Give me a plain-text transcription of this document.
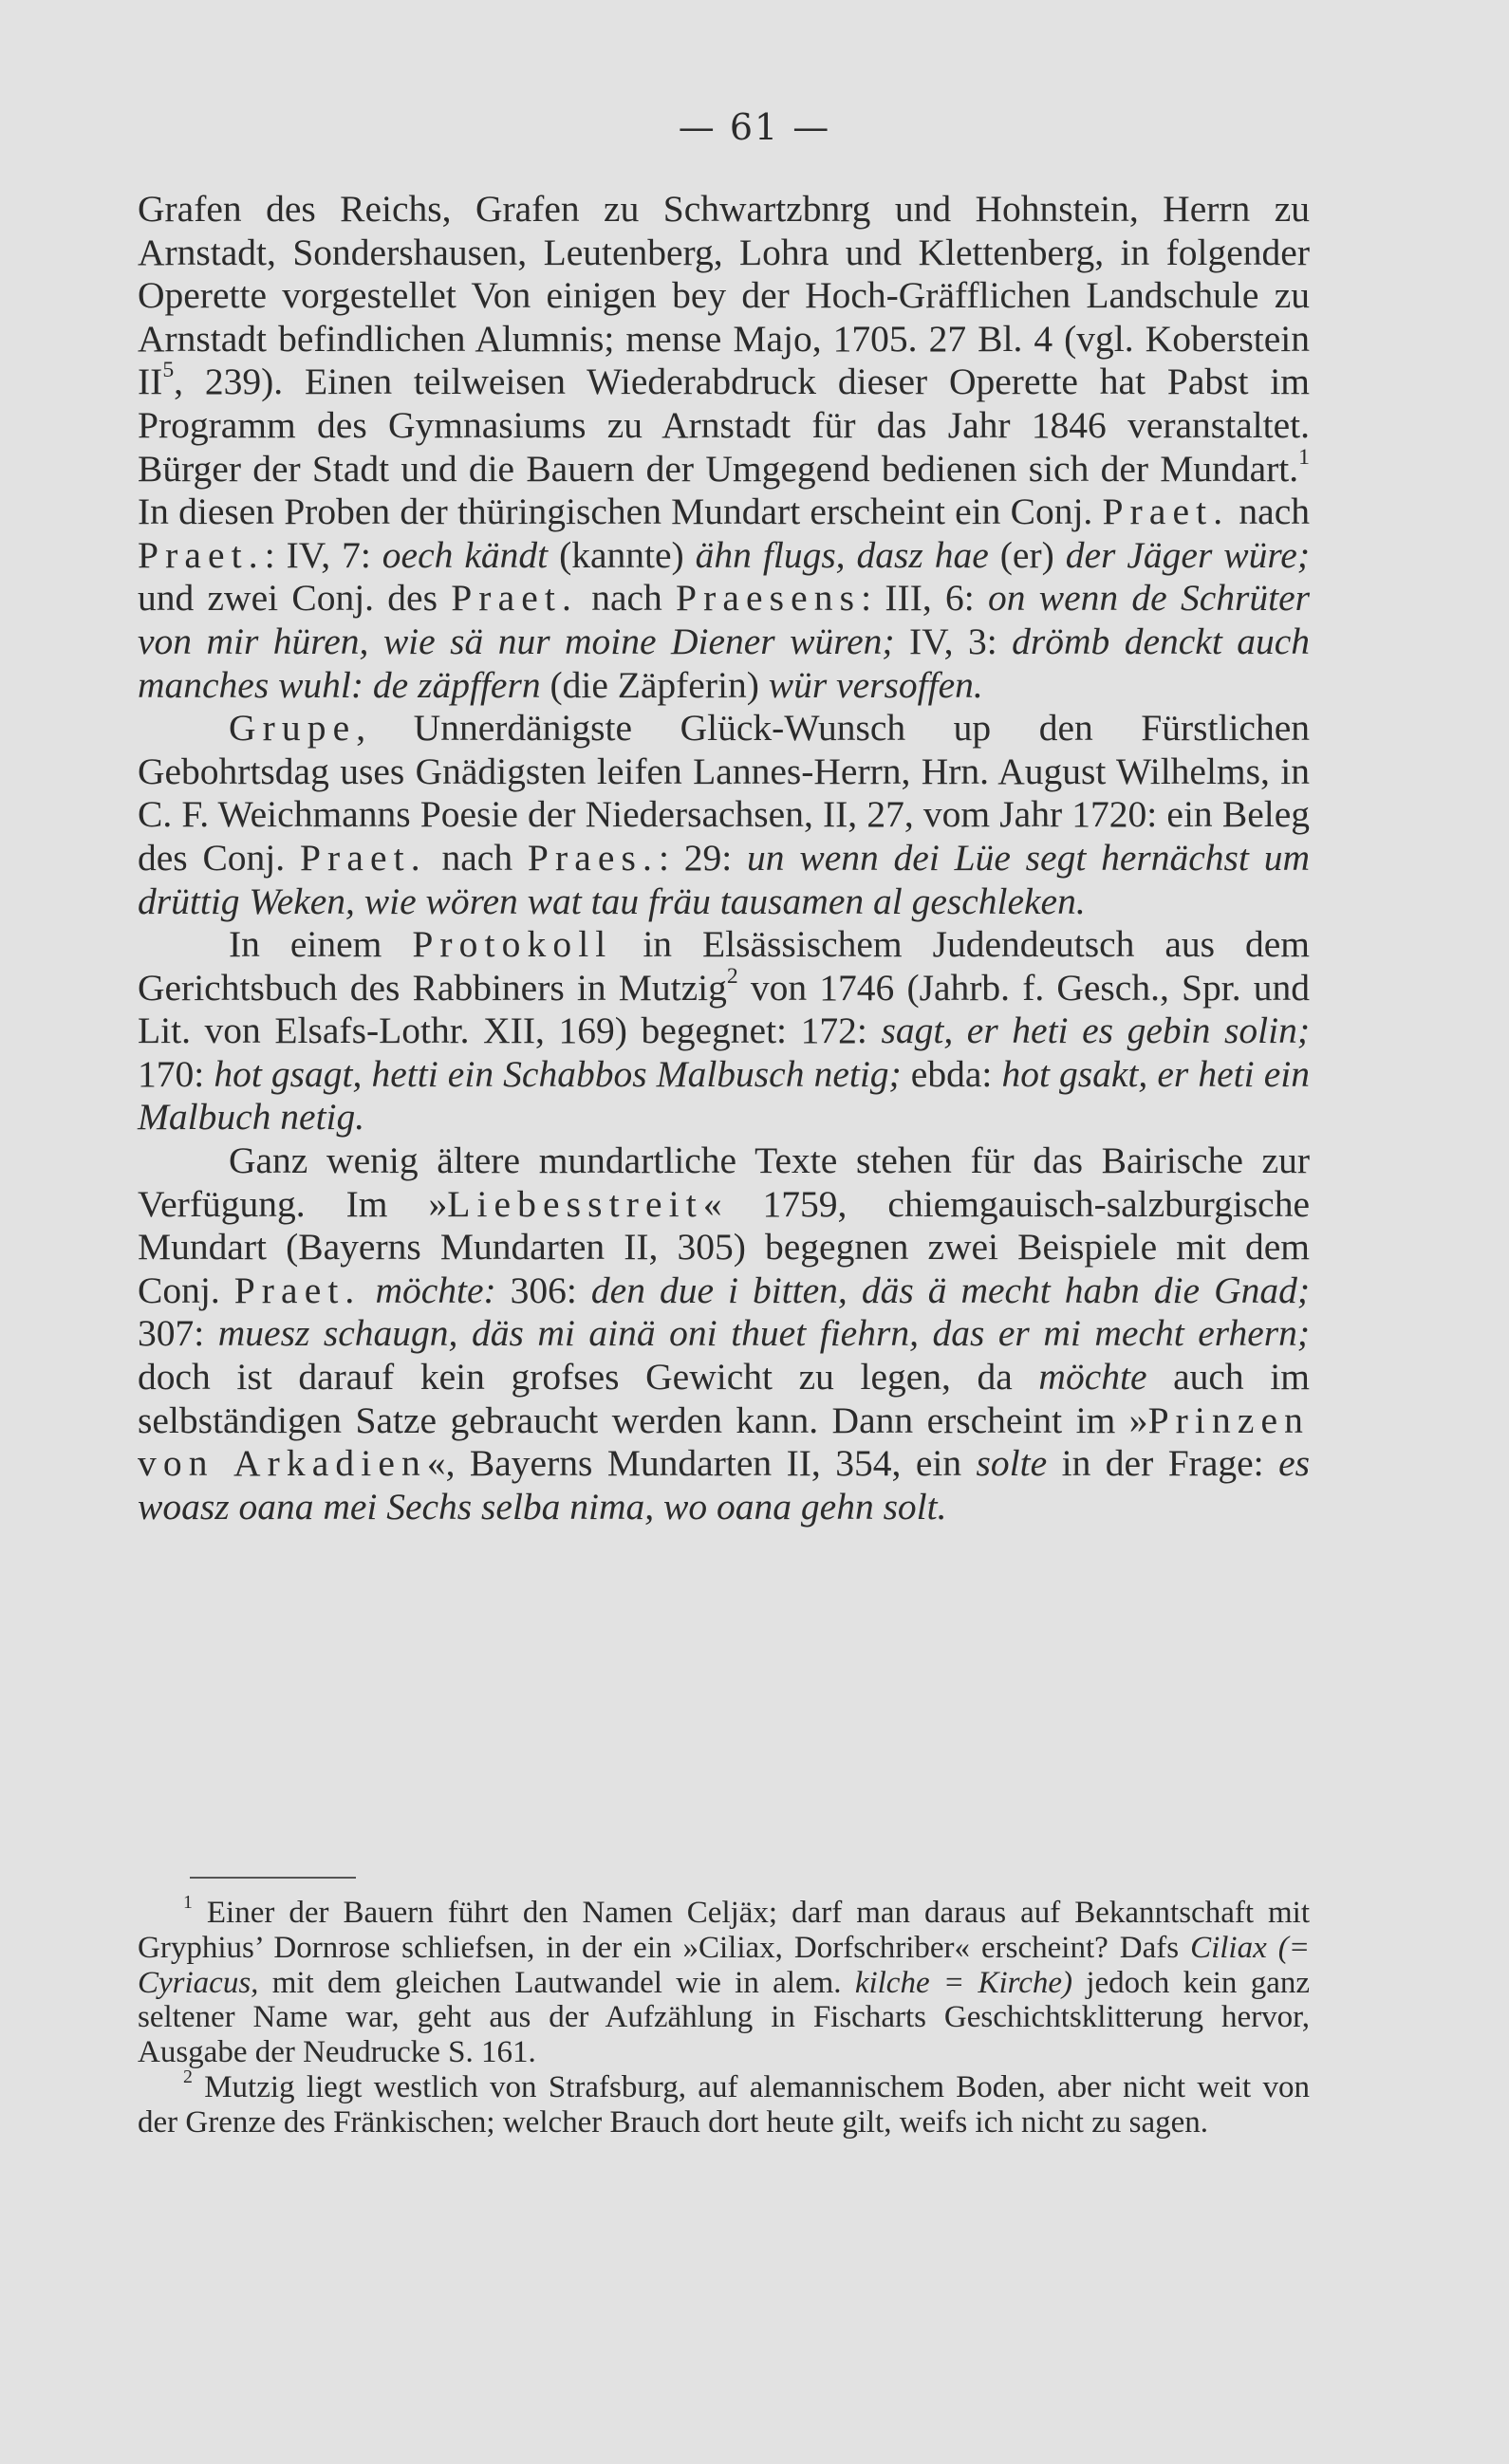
— 61 —

Grafen des Reichs, Grafen zu Schwartzbnrg und Hohnstein, Herrn zu Arnstadt, Sondershausen, Leutenberg, Lohra und Klettenberg, in folgender Operette vorgestellet Von einigen bey der Hoch-Gräfflichen Landschule zu Arnstadt befindlichen Alumnis; mense Majo, 1705. 27 Bl. 4 (vgl. Koberstein $II^5$, 239). Einen teilweisen Wiederabdruck dieser Operette hat Pabst im Programm des Gymnasiums zu Arnstadt für das Jahr 1846 veranstaltet. Bürger der Stadt und die Bauern der Umgegend bedienen sich der Mundart.$^1$ In diesen Proben der thüringischen Mundart erscheint ein Conj. Praet. nach Praet.: IV, 7: oech kändt (kannte) ähn flugs, dasz hae (er) der Jäger würe; und zwei Conj. des Praet. nach Praesens: III, 6: on wenn de Schrüter von mir hüren, wie sä nur moine Diener würen; IV, 3: drömb denckt auch manches wuhl: de zäpffern (die Zäpferin) wür versoffen.

Grupe, Unnerdänigste Glück-Wunsch up den Fürstlichen Gebohrtsdag uses Gnädigsten leifen Lannes-Herrn, Hrn. August Wilhelms, in C. F. Weichmanns Poesie der Niedersachsen, II, 27, vom Jahr 1720: ein Beleg des Conj. Praet. nach Praes.: 29: un wenn dei Lüe segt hernächst um drüttig Weken, wie wören wat tau fräu tausamen al geschleken.

In einem Protokoll in Elsässischem Judendeutsch aus dem Gerichtsbuch des Rabbiners in Mutzig$^2$ von 1746 (Jahrb. f. Gesch., Spr. und Lit. von Elsafs-Lothr. XII, 169) begegnet: 172: sagt, er heti es gebin solin; 170: hot gsagt, hetti ein Schabbos Malbusch netig; ebda: hot gsakt, er heti ein Malbuch netig.

Ganz wenig ältere mundartliche Texte stehen für das Bairische zur Verfügung. Im »Liebesstreit« 1759, chiemgauisch-salzburgische Mundart (Bayerns Mundarten II, 305) begegnen zwei Beispiele mit dem Conj. Praet. möchte: 306: den due i bitten, däs ä mecht habn die Gnad; 307: muesz schaugn, däs mi ainä oni thuet fiehrn, das er mi mecht erhern; doch ist darauf kein grofses Gewicht zu legen, da möchte auch im selbständigen Satze gebraucht werden kann. Dann erscheint im »Prinzen von Arkadien«, Bayerns Mundarten II, 354, ein solte in der Frage: es woasz oana mei Sechs selba nima, wo oana gehn solt.

$^1$ Einer der Bauern führt den Namen Celjäx; darf man daraus auf Bekanntschaft mit Gryphius’ Dornrose schliefsen, in der ein »Ciliax, Dorfschriber« erscheint? Dafs Ciliax (= Cyriacus, mit dem gleichen Lautwandel wie in alem. kilche = Kirche) jedoch kein ganz seltener Name war, geht aus der Aufzählung in Fischarts Geschichtsklitterung hervor, Ausgabe der Neudrucke S. 161.

$^2$ Mutzig liegt westlich von Strafsburg, auf alemannischem Boden, aber nicht weit von der Grenze des Fränkischen; welcher Brauch dort heute gilt, weifs ich nicht zu sagen.
